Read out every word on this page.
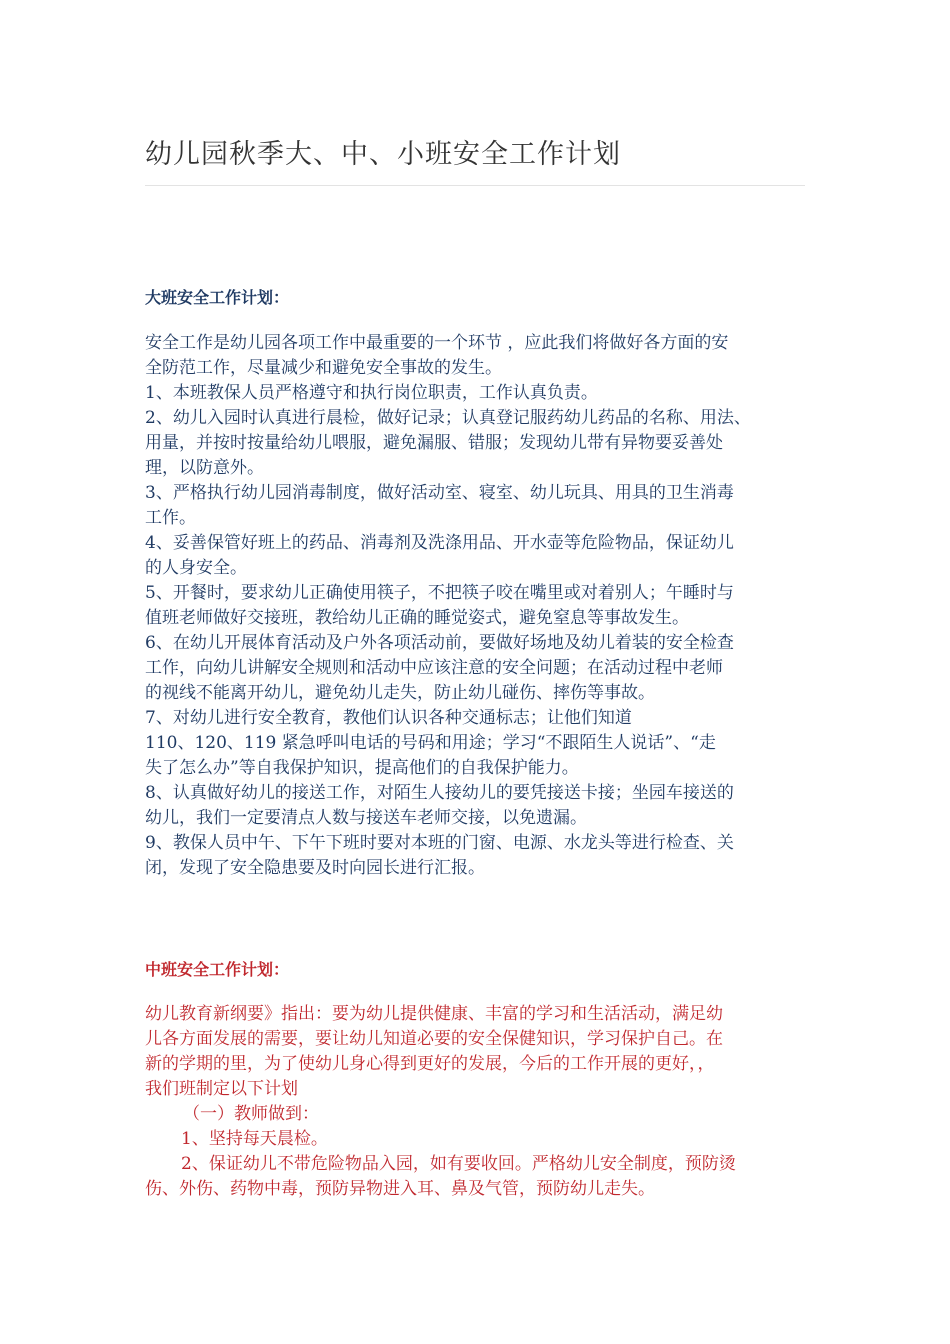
幼儿园秋季大、中、小班安全工作计划
大班安全工作计划：
安全工作是幼儿园各项工作中最重要的一个环节 ，应此我们将做好各方面的安
全防范工作，尽量减少和避免安全事故的发生。
1、本班教保人员严格遵守和执行岗位职责，工作认真负责。
2、幼儿入园时认真进行晨检，做好记录；认真登记服药幼儿药品的名称、用法、
用量，并按时按量给幼儿喂服，避免漏服、错服；发现幼儿带有异物要妥善处
理，以防意外。
3、严格执行幼儿园消毒制度，做好活动室、寝室、幼儿玩具、用具的卫生消毒
工作。
4、妥善保管好班上的药品、消毒剂及洗涤用品、开水壶等危险物品，保证幼儿
的人身安全。
5、开餐时，要求幼儿正确使用筷子，不把筷子咬在嘴里或对着别人；午睡时与
值班老师做好交接班，教给幼儿正确的睡觉姿式，避免窒息等事故发生。
6、在幼儿开展体育活动及户外各项活动前，要做好场地及幼儿着装的安全检查
工作，向幼儿讲解安全规则和活动中应该注意的安全问题；在活动过程中老师
的视线不能离开幼儿，避免幼儿走失，防止幼儿碰伤、摔伤等事故。
7、对幼儿进行安全教育，教他们认识各种交通标志；让他们知道
110、120、119 紧急呼叫电话的号码和用途；学习“不跟陌生人说话”、“走
失了怎么办”等自我保护知识，提高他们的自我保护能力。
8、认真做好幼儿的接送工作，对陌生人接幼儿的要凭接送卡接；坐园车接送的
幼儿，我们一定要清点人数与接送车老师交接，以免遗漏。
9、教保人员中午、下午下班时要对本班的门窗、电源、水龙头等进行检查、关
闭，发现了安全隐患要及时向园长进行汇报。
中班安全工作计划：
幼儿教育新纲要》指出：要为幼儿提供健康、丰富的学习和生活活动，满足幼
儿各方面发展的需要，要让幼儿知道必要的安全保健知识，学习保护自己。在
新的学期的里，为了使幼儿身心得到更好的发展，今后的工作开展的更好，，
我们班制定以下计划
（一）教师做到：
1、坚持每天晨检。
2、保证幼儿不带危险物品入园，如有要收回。严格幼儿安全制度，预防烫
伤、外伤、药物中毒，预防异物进入耳、鼻及气管，预防幼儿走失。
